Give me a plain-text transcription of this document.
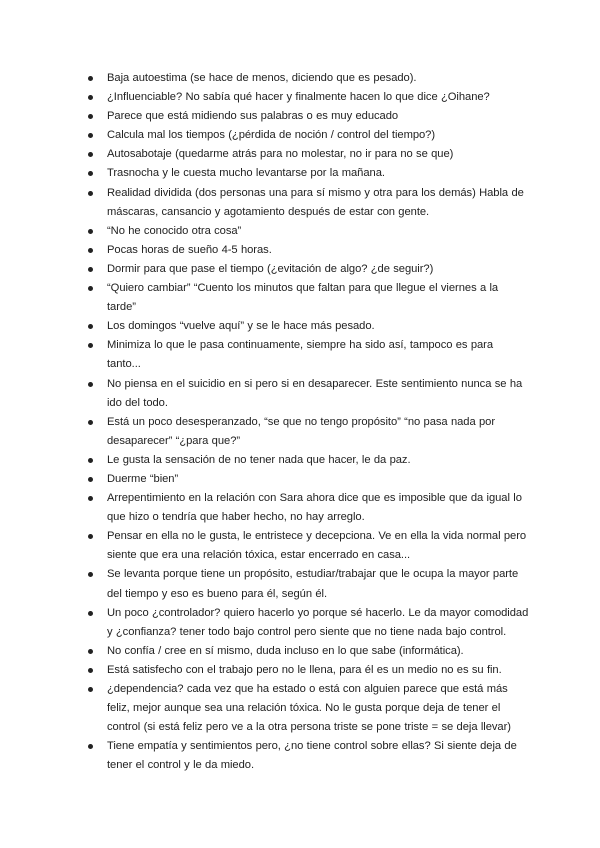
Baja autoestima (se hace de menos, diciendo que es pesado).
¿Influenciable? No sabía qué hacer y finalmente hacen lo que dice ¿Oihane?
Parece que está midiendo sus palabras o es muy educado
Calcula mal los tiempos (¿pérdida de noción / control del tiempo?)
Autosabotaje (quedarme atrás para no molestar, no ir para no se que)
Trasnocha y le cuesta mucho levantarse por la mañana.
Realidad dividida (dos personas una para sí mismo y otra para los demás) Habla de máscaras, cansancio y agotamiento después de estar con gente.
“No he conocido otra cosa”
Pocas horas de sueño 4-5 horas.
Dormir para que pase el tiempo (¿evitación de algo? ¿de seguir?)
“Quiero cambiar” “Cuento los minutos que faltan para que llegue el viernes a la tarde”
Los domingos “vuelve aquí” y se le hace más pesado.
Minimiza lo que le pasa continuamente, siempre ha sido así, tampoco es para tanto...
No piensa en el suicidio en si pero si en desaparecer. Este sentimiento nunca se ha ido del todo.
Está un poco desesperanzado, “se que no tengo propósito” “no pasa nada por desaparecer” “¿para que?”
Le gusta la sensación de no tener nada que hacer, le da paz.
Duerme “bien”
Arrepentimiento en la relación con Sara ahora dice que es imposible que da igual lo que hizo o tendría que haber hecho, no hay arreglo.
Pensar en ella no le gusta, le entristece y decepciona. Ve en ella la vida normal pero siente que era una relación tóxica, estar encerrado en casa...
Se levanta porque tiene un propósito, estudiar/trabajar que le ocupa la mayor parte del tiempo y eso es bueno para él, según él.
Un poco ¿controlador? quiero hacerlo yo porque sé hacerlo. Le da mayor comodidad y ¿confianza? tener todo bajo control pero siente que no tiene nada bajo control.
No confía / cree en sí mismo, duda incluso en lo que sabe (informática).
Está satisfecho con el trabajo pero no le llena, para él es un medio no es su fin.
¿dependencia? cada vez que ha estado o está con alguien parece que está más feliz, mejor aunque sea una relación tóxica. No le gusta porque deja de tener el control (si está feliz pero ve a la otra persona triste se pone triste = se deja llevar)
Tiene empatía y sentimientos pero, ¿no tiene control sobre ellas? Si siente deja de tener el control y le da miedo.
